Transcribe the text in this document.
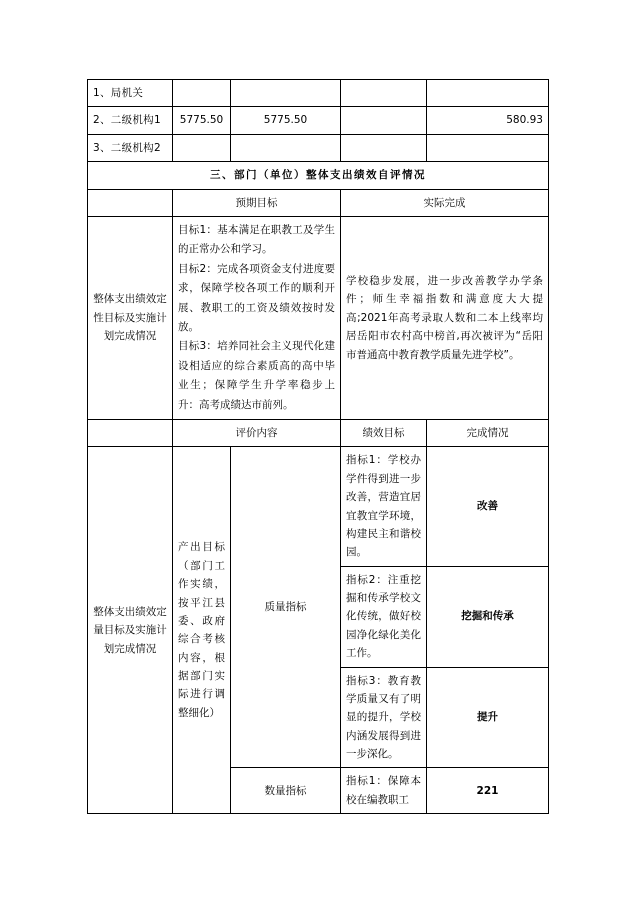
1、局机关				
2、二级机构1	5775.50	5775.50		580.93
3、二级机构2				
三、部门（单位）整体支出绩效自评情况				
	预期目标		实际完成	
整体支出绩效定性目标及实施计划完成情况	目标1：基本满足在职教工及学生的正常办公和学习。

目标2：完成各项资金支付进度要求，保障学校各项工作的顺利开展、教职工的工资及绩效按时发放。

目标3：培养同社会主义现代化建设相适应的综合素质高的高中毕业生；保障学生升学率稳步上升：高考成绩达市前列。		学校稳步发展，进一步改善教学办学条件；师生幸福指数和满意度大大提高;2021年高考录取人数和二本上线率均居岳阳市农村高中榜首,再次被评为“岳阳市普通高中教育教学质量先进学校”。	
	评价内容		绩效目标	完成情况
整体支出绩效定量目标及实施计划完成情况	产出目标（部门工作实绩，按平江县委、政府综合考核内容，根据部门实际进行调整细化）	质量指标	指标1：学校办学件得到进一步改善，营造宜居宜教宜学环境，构建民主和谐校园。	改善
			指标2：注重挖掘和传承学校文化传统，做好校园净化绿化美化工作。	挖掘和传承
			指标3：教育教学质量又有了明显的提升，学校内涵发展得到进一步深化。	提升
		数量指标	指标1：保障本校在编教职工	221
